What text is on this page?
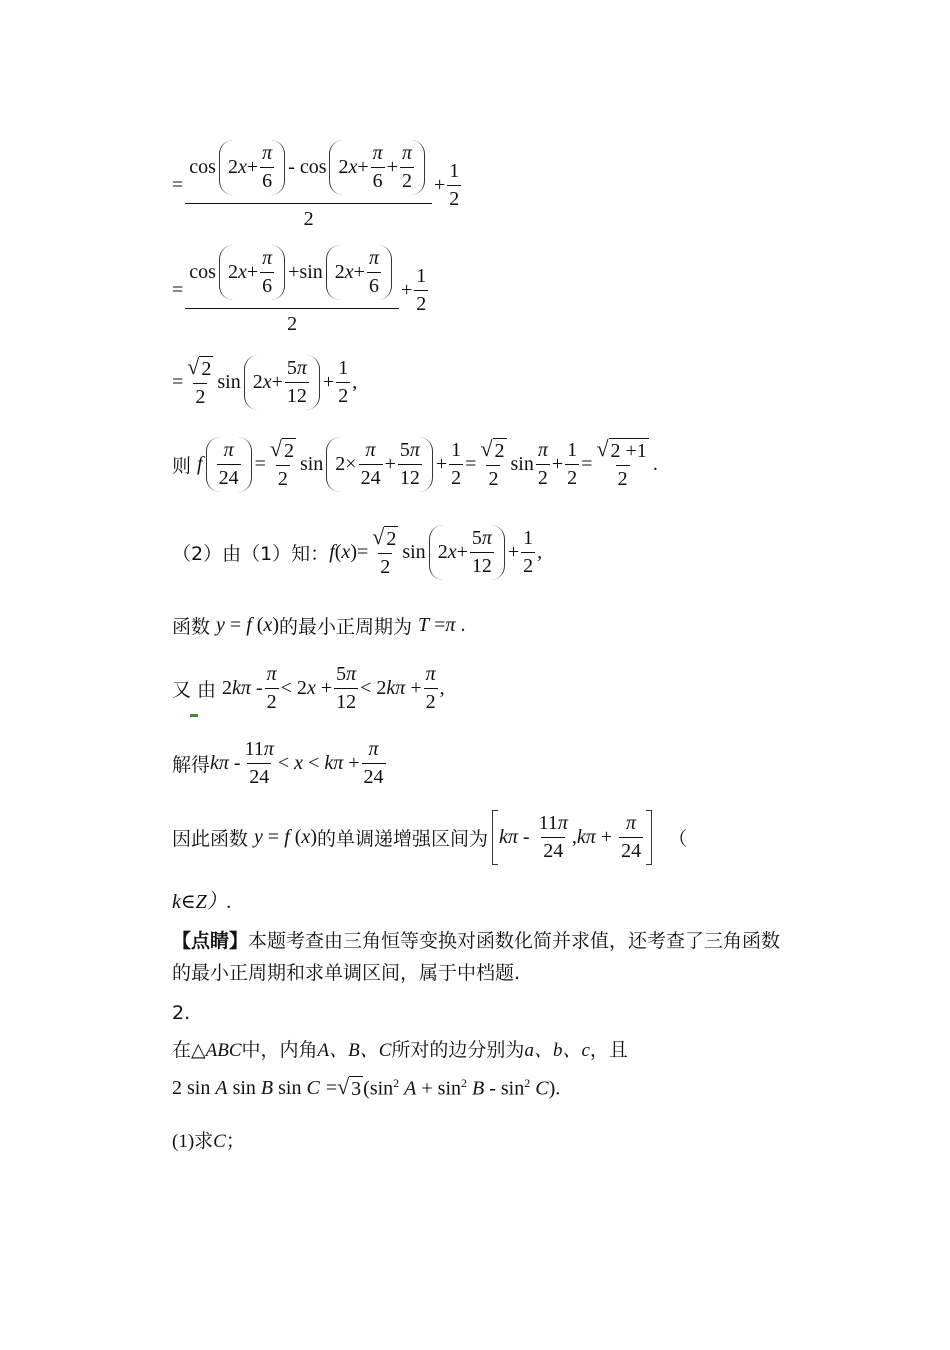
= $\frac{\cos 2 x + \frac{\pi}{6} - \cos 2 x + \frac{\pi}{6} + \frac{\pi}{2}}{2} + \frac{1}{2}$
= $\frac{\cos 2 x + \frac{\pi}{6} +\sin 2 x + \frac{\pi}{6}}{2} + \frac{1}{2}$
= $\frac{√ 2}{2}$ sin 2 $x + \frac{5\pi}{12} + \frac{1}{2}$ ,
则 f $\frac{\pi}{24} = \frac{√ 2}{2}$ $\sin 2\times \frac{\pi}{24} + \frac{5\pi}{12} + \frac{1}{2} = \frac{√ 2}{2}$ $\sin \frac{\pi}{2} + \frac{1}{2} = \frac{√ 2 +1}{2}$ .
（2）由（1）知： f $(x) = \frac{√ 2}{2}$ sin 2 $x + \frac{5\pi}{12} + \frac{1}{2}$ ,
函数 y = f ( x ) 的最小正周期为 T = π .
又 由 $2k\pi - \frac{\pi}{2} < 2x + \frac{5\pi}{12} < 2k\pi + \frac{\pi}{2}$ ,
解得 $k\pi - \frac{11\pi}{24} < x < k\pi + \frac{\pi}{24}$
因此函数 y = f ( x ) 的单调递增强区间为 kπ - $\frac{11\pi}{24}$ , $k\pi + \frac{\pi}{24}$ （
k∈Z）.
【点睛】本题考查由三角恒等变换对函数化简并求值，还考查了三角函数的最小正周期和求单调区间，属于中档题.
2.
在△ABC中，内角A、B、C所对的边分别为a、b、c，且
2 sin A sin B sin C = √ 3 ($\sin^2$ $A + \sin^2 B - \sin^2 C$).
(1)求C；
